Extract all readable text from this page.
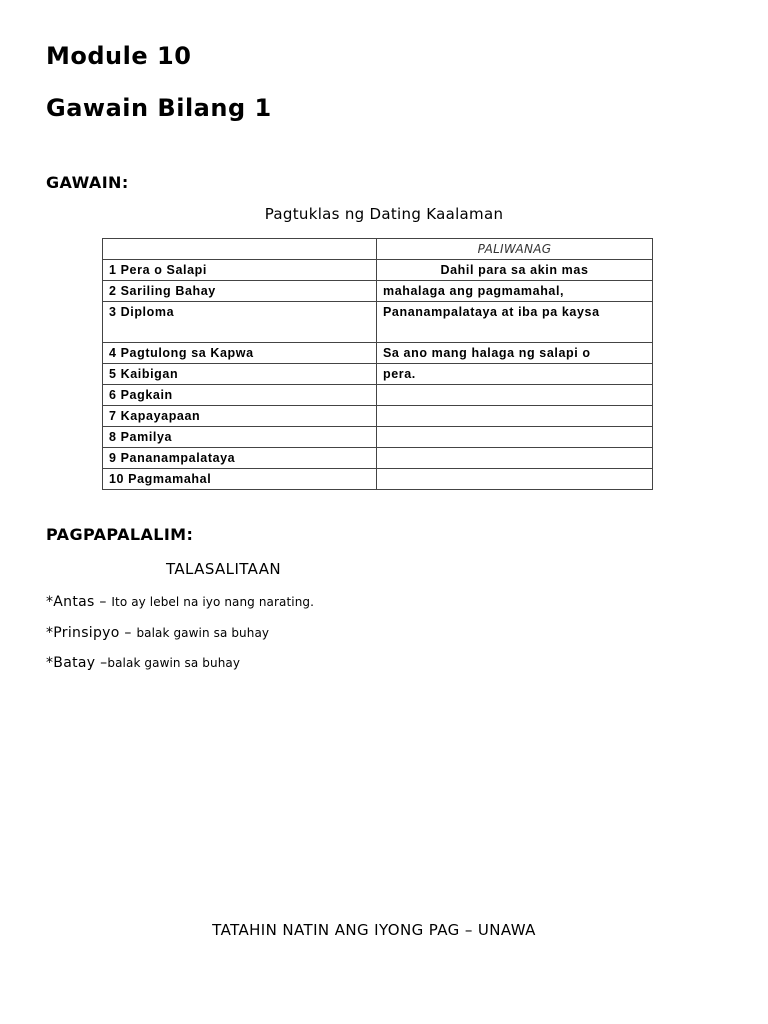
Module 10
Gawain Bilang 1
GAWAIN:
Pagtuklas ng Dating Kaalaman
	PALIWANAG
1 Pera o Salapi	Dahil para sa akin mas
2 Sariling Bahay	mahalaga ang pagmamahal,
3 Diploma	Pananampalataya at iba pa kaysa
4 Pagtulong sa Kapwa	Sa ano mang halaga ng salapi o
5 Kaibigan	pera.
6 Pagkain	
7 Kapayapaan	
8 Pamilya	
9 Pananampalataya	
10 Pagmamahal	
PAGPAPALALIM:
TALASALITAAN
*Antas – Ito ay lebel na iyo nang narating.
*Prinsipyo – balak gawin sa buhay
*Batay –balak gawin sa buhay
TATAHIN NATIN ANG IYONG PAG – UNAWA
